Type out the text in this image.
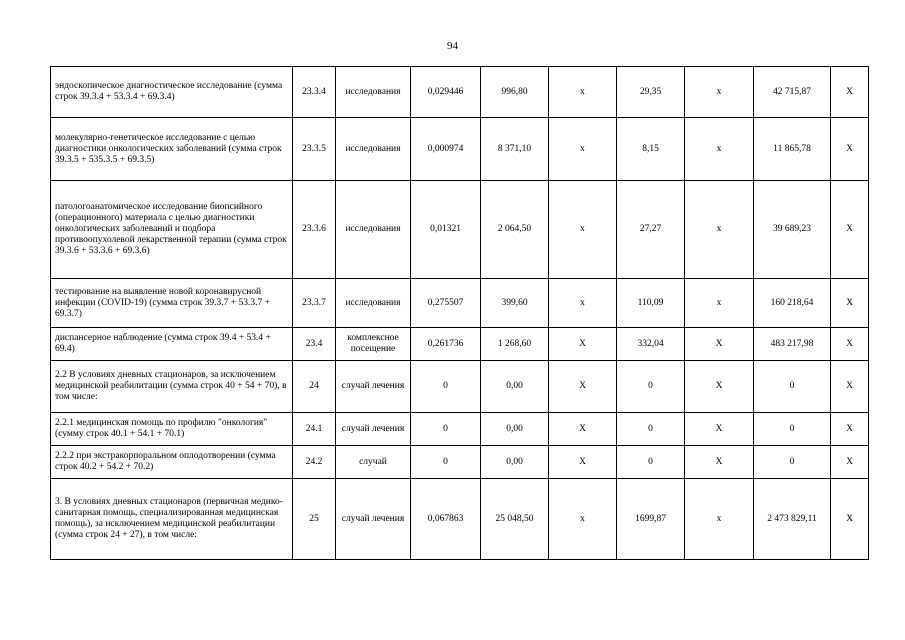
94
эндоскопическое диагностическое исследование (сумма строк 39.3.4 + 53.3.4 + 69.3.4)	23.3.4	исследования	0,029446	996,80	x	29,35	x	42 715,87	X
молекулярно-генетическое исследование с целью диагностики онкологических заболеваний (сумма строк 39.3.5 + 535.3.5 + 69.3.5)	23.3.5	исследования	0,000974	8 371,10	x	8,15	x	11 865,78	X
патологоанатомическое исследование биопсийного (операционного) материала с целью диагностики онкологических заболеваний и подбора противоопухолевой лекарственной терапии (сумма строк 39.3.6 + 53.3.6 + 69.3.6)	23.3.6	исследования	0,01321	2 064,50	x	27,27	x	39 689,23	X
тестирование на выявление новой коронавирусной инфекции (COVID-19) (сумма строк 39.3.7 + 53.3.7 + 69.3.7)	23.3.7	исследования	0,275507	399,60	x	110,09	x	160 218,64	X
диспансерное наблюдение (сумма строк 39.4 + 53.4 + 69.4)	23.4	комплексное посещение	0,261736	1 268,60	X	332,04	X	483 217,98	X
2.2 В условиях дневных стационаров, за исключением медицинской реабилитации (сумма строк 40 + 54 + 70), в том числе:	24	случай лечения	0	0,00	X	0	X	0	X
2.2.1 медицинская помощь по профилю "онкология" (сумму строк 40.1 + 54.1 + 70.1)	24.1	случай лечения	0	0,00	X	0	X	0	X
2.2.2 при экстракорпоральном оплодотворении (сумма строк 40.2 + 54.2 + 70.2)	24.2	случай	0	0,00	X	0	X	0	X
3. В условиях дневных стационаров (первичная медико-санитарная помощь, специализированная медицинская помощь), за исключением медицинской реабилитации (сумма строк 24 + 27), в том числе:	25	случай лечения	0,067863	25 048,50	x	1699,87	x	2 473 829,11	X
